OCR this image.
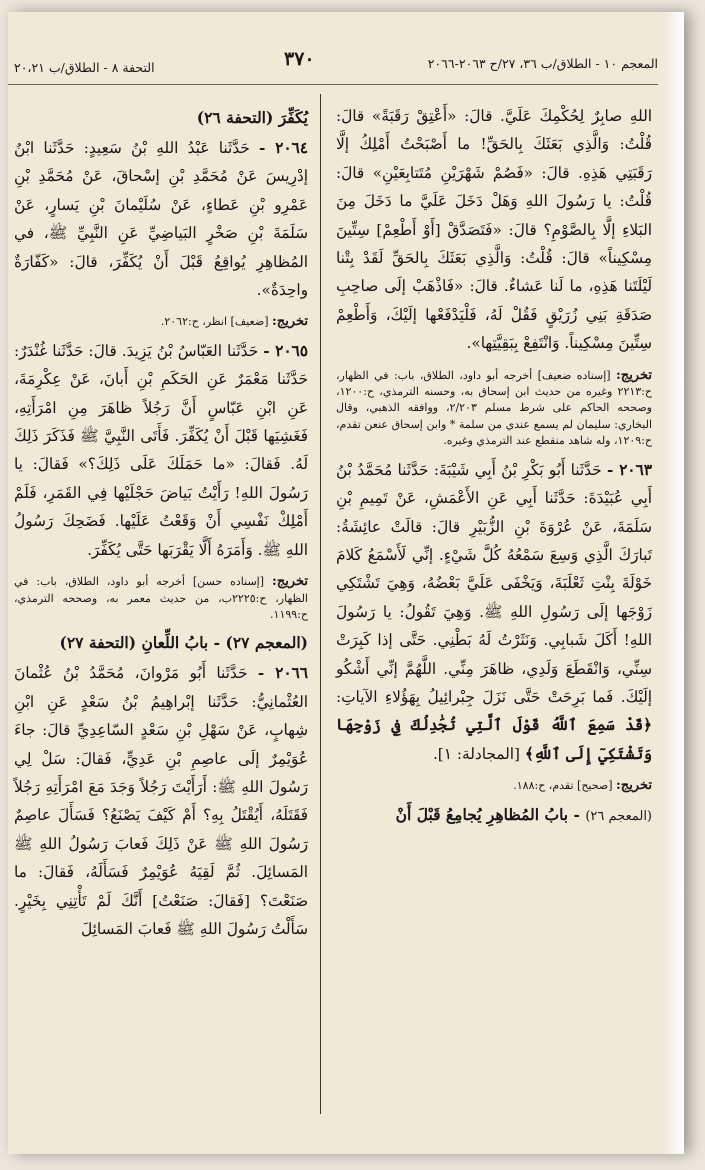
المعجم ١٠ - الطلاق/ب ٣٦، ٢٧/ح ٢٠٦٣-٢٠٦٦
٣٧٠
التحفة ٨ - الطلاق/ب ٢٠،٢١

اللهِ صابِرٌ لِحُكْمِكَ عَلَيَّ. قالَ: «أَعْتِقْ رَقَبَةً» قالَ: قُلْتُ: وَالَّذِي بَعَثَكَ بِالحَقِّ! ما أَصْبَحْتُ أَمْلِكُ إلَّا رَقَبَتِي هَذِهِ. قالَ: «فَصُمْ شَهْرَيْنِ مُتَتابِعَيْنِ» قالَ: قُلْتُ: يا رَسُولَ اللهِ وَهَلْ دَخَلَ عَلَيَّ ما دَخَلَ مِنَ البَلاءِ إلَّا بِالصَّوْمِ؟ قالَ: «فَتَصَدَّقْ [أَوْ أَطْعِمْ] سِتِّينَ مِسْكِيناً» قالَ: قُلْتُ: وَالَّذِي بَعَثَكَ بِالحَقِّ لَقَدْ بِتْنا لَيْلَتَنا هَذِهِ، ما لَنا عَشاءٌ. قالَ: «فَاذْهَبْ إلَى صاحِبِ صَدَقَةِ بَنِي زُرَيْقٍ فَقُلْ لَهُ، فَلْيَدْفَعْها إلَيْكَ، وَأَطْعِمْ سِتِّينَ مِسْكِيناً. وَانْتَفِعْ بِبَقِيَّتِها».

تخريج: [إسناده ضعيف] أخرجه أبو داود، الطلاق، باب: في الظهار، ح:٢٢١٣ وغيره من حديث ابن إسحاق به، وحسنه الترمذي، ح:١٢٠٠، وصححه الحاكم على شرط مسلم ٢/٢٠٣، ووافقه الذهبي، وقال البخاري: سليمان لم يسمع عندي من سلمة * وابن إسحاق عنعن تقدم، ح:١٢٠٩، وله شاهد منقطع عند الترمذي وغيره.

٢٠٦٣ - حَدَّثَنا أَبُو بَكْرِ بْنُ أَبِي شَيْبَةَ: حَدَّثَنا مُحَمَّدُ بْنُ أَبِي عُبَيْدَةَ: حَدَّثَنا أَبِي عَنِ الأَعْمَشِ، عَنْ تَمِيمِ بْنِ سَلَمَةَ، عَنْ عُرْوَةَ بْنِ الزُّبَيْرِ قالَ: قالَتْ عائِشَةُ: تَبارَكَ الَّذِي وَسِعَ سَمْعُهُ كُلَّ شَيْءٍ. إنِّي لَأَسْمَعُ كَلامَ خَوْلَةَ بِنْتِ ثَعْلَبَةَ، وَيَخْفَى عَلَيَّ بَعْضُهُ، وَهِيَ تَشْتَكِي زَوْجَها إلَى رَسُولِ اللهِ ﷺ. وَهِيَ تَقُولُ: يا رَسُولَ اللهِ! أَكَلَ شَبابِي. وَنَثَرْتُ لَهُ بَطْنِي. حَتَّى إذا كَبِرَتْ سِنِّي، وَانْقَطَعَ وَلَدِي، ظاهَرَ مِنِّي. اللَّهُمَّ إنِّي أَشْكُو إلَيْكَ. فَما بَرِحَتْ حَتَّى نَزَلَ جِبْرائِيلُ بِهَؤُلاءِ الآياتِ: ﴿قَدْ سَمِعَ ٱللَّهُ قَوْلَ ٱلَّتِي تُجَٰدِلُكَ فِي زَوْجِهَا وَتَشْتَكِيٓ إِلَى ٱللَّهِ﴾ [المجادلة: ١].

تخريج: [صحيح] تقدم، ح:١٨٨.
(المعجم ٢٦) - بابُ المُظاهِرِ يُجامِعُ قَبْلَ أَنْ
يُكَفِّرَ (التحفة ٢٦)

٢٠٦٤ - حَدَّثَنا عَبْدُ اللهِ بْنُ سَعِيدٍ: حَدَّثَنا ابْنُ إدْرِيسَ عَنْ مُحَمَّدِ بْنِ إسْحاقَ، عَنْ مُحَمَّدِ بْنِ عَمْرِو بْنِ عَطاءٍ، عَنْ سُلَيْمانَ بْنِ يَسارٍ، عَنْ سَلَمَةَ بْنِ صَخْرٍ البَياضِيِّ عَنِ النَّبِيِّ ﷺ، في المُظاهِرِ يُواقِعُ قَبْلَ أَنْ يُكَفِّرَ، قالَ: «كَفّارَةٌ واحِدَةٌ».

تخريج: [ضعيف] انظر، ح:٢٠٦٢.

٢٠٦٥ - حَدَّثَنا العَبّاسُ بْنُ يَزِيدَ. قالَ: حَدَّثَنا غُنْدَرٌ: حَدَّثَنا مَعْمَرٌ عَنِ الحَكَمِ بْنِ أَبانَ، عَنْ عِكْرِمَةَ، عَنِ ابْنِ عَبّاسٍ أَنَّ رَجُلاً ظاهَرَ مِنِ امْرَأَتِهِ، فَغَشِيَها قَبْلَ أَنْ يُكَفِّرَ. فَأَتَى النَّبِيَّ ﷺ فَذَكَرَ ذَلِكَ لَهُ. فَقالَ: «ما حَمَلَكَ عَلَى ذَلِكَ؟» فَقالَ: يا رَسُولَ اللهِ! رَأَيْتُ بَياضَ حَجْلَيْها فِي القَمَرِ، فَلَمْ أَمْلِكْ نَفْسِي أَنْ وَقَعْتُ عَلَيْها. فَضَحِكَ رَسُولُ اللهِ ﷺ. وَأَمَرَهُ أَلَّا يَقْرَبَها حَتَّى يُكَفِّرَ.

تخريج: [إسناده حسن] أخرجه أبو داود، الطلاق، باب: في الظهار، ح:٢٢٢٥ب، من حديث معمر به، وصححه الترمذي، ح:١١٩٩.
(المعجم ٢٧) - بابُ اللِّعانِ (التحفة ٢٧)

٢٠٦٦ - حَدَّثَنا أَبُو مَرْوانَ، مُحَمَّدُ بْنُ عُثْمانَ العُثْمانِيُّ: حَدَّثَنا إبْراهِيمُ بْنُ سَعْدٍ عَنِ ابْنِ شِهابٍ، عَنْ سَهْلِ بْنِ سَعْدٍ السّاعِدِيِّ قالَ: جاءَ عُوَيْمِرٌ إلَى عاصِمِ بْنِ عَدِيٍّ، فَقالَ: سَلْ لِي رَسُولَ اللهِ ﷺ: أَرَأَيْتَ رَجُلاً وَجَدَ مَعَ امْرَأَتِهِ رَجُلاً فَقَتَلَهُ، أَيُقْتَلُ بِهِ؟ أَمْ كَيْفَ يَصْنَعُ؟ فَسَأَلَ عاصِمٌ رَسُولَ اللهِ ﷺ عَنْ ذَلِكَ فَعابَ رَسُولُ اللهِ ﷺ المَسائِلَ. ثُمَّ لَقِيَهُ عُوَيْمِرٌ فَسَأَلَهُ، فَقالَ: ما صَنَعْتَ؟ [فَقالَ: صَنَعْتُ] أَنَّكَ لَمْ تَأْتِنِي بِخَيْرٍ. سَأَلْتُ رَسُولَ اللهِ ﷺ فَعابَ المَسائِلَ
